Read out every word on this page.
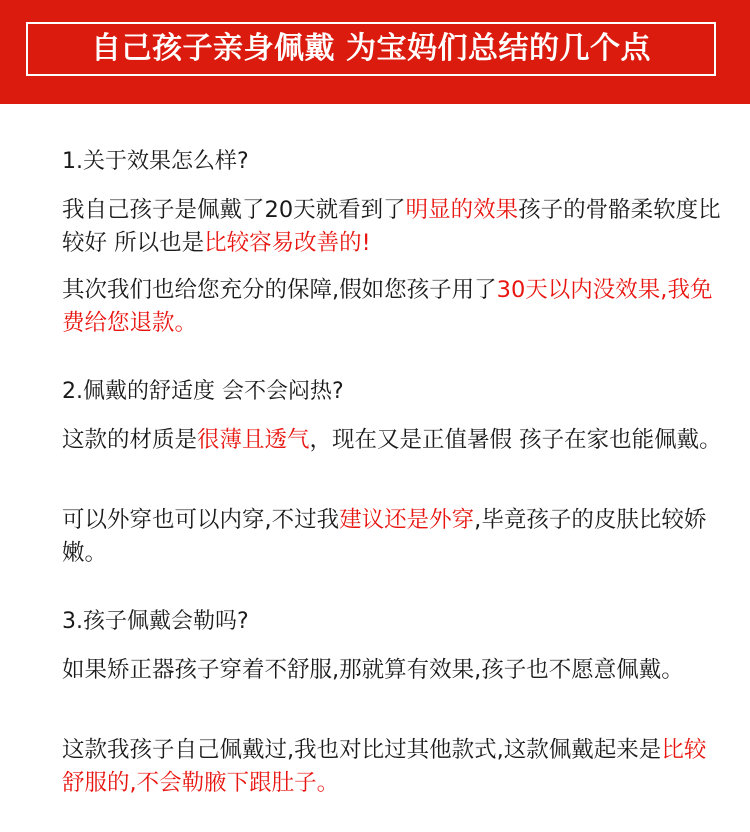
自己孩子亲身佩戴 为宝妈们总结的几个点
1.关于效果怎么样?
我自己孩子是佩戴了20天就看到了明显的效果孩子的骨骼柔软度比较好 所以也是比较容易改善的!
其次我们也给您充分的保障,假如您孩子用了30天以内没效果,我免费给您退款。
2.佩戴的舒适度 会不会闷热?
这款的材质是很薄且透气，现在又是正值暑假 孩子在家也能佩戴。
可以外穿也可以内穿,不过我建议还是外穿,毕竟孩子的皮肤比较娇嫩。
3.孩子佩戴会勒吗?
如果矫正器孩子穿着不舒服,那就算有效果,孩子也不愿意佩戴。
这款我孩子自己佩戴过,我也对比过其他款式,这款佩戴起来是比较舒服的,不会勒腋下跟肚子。
